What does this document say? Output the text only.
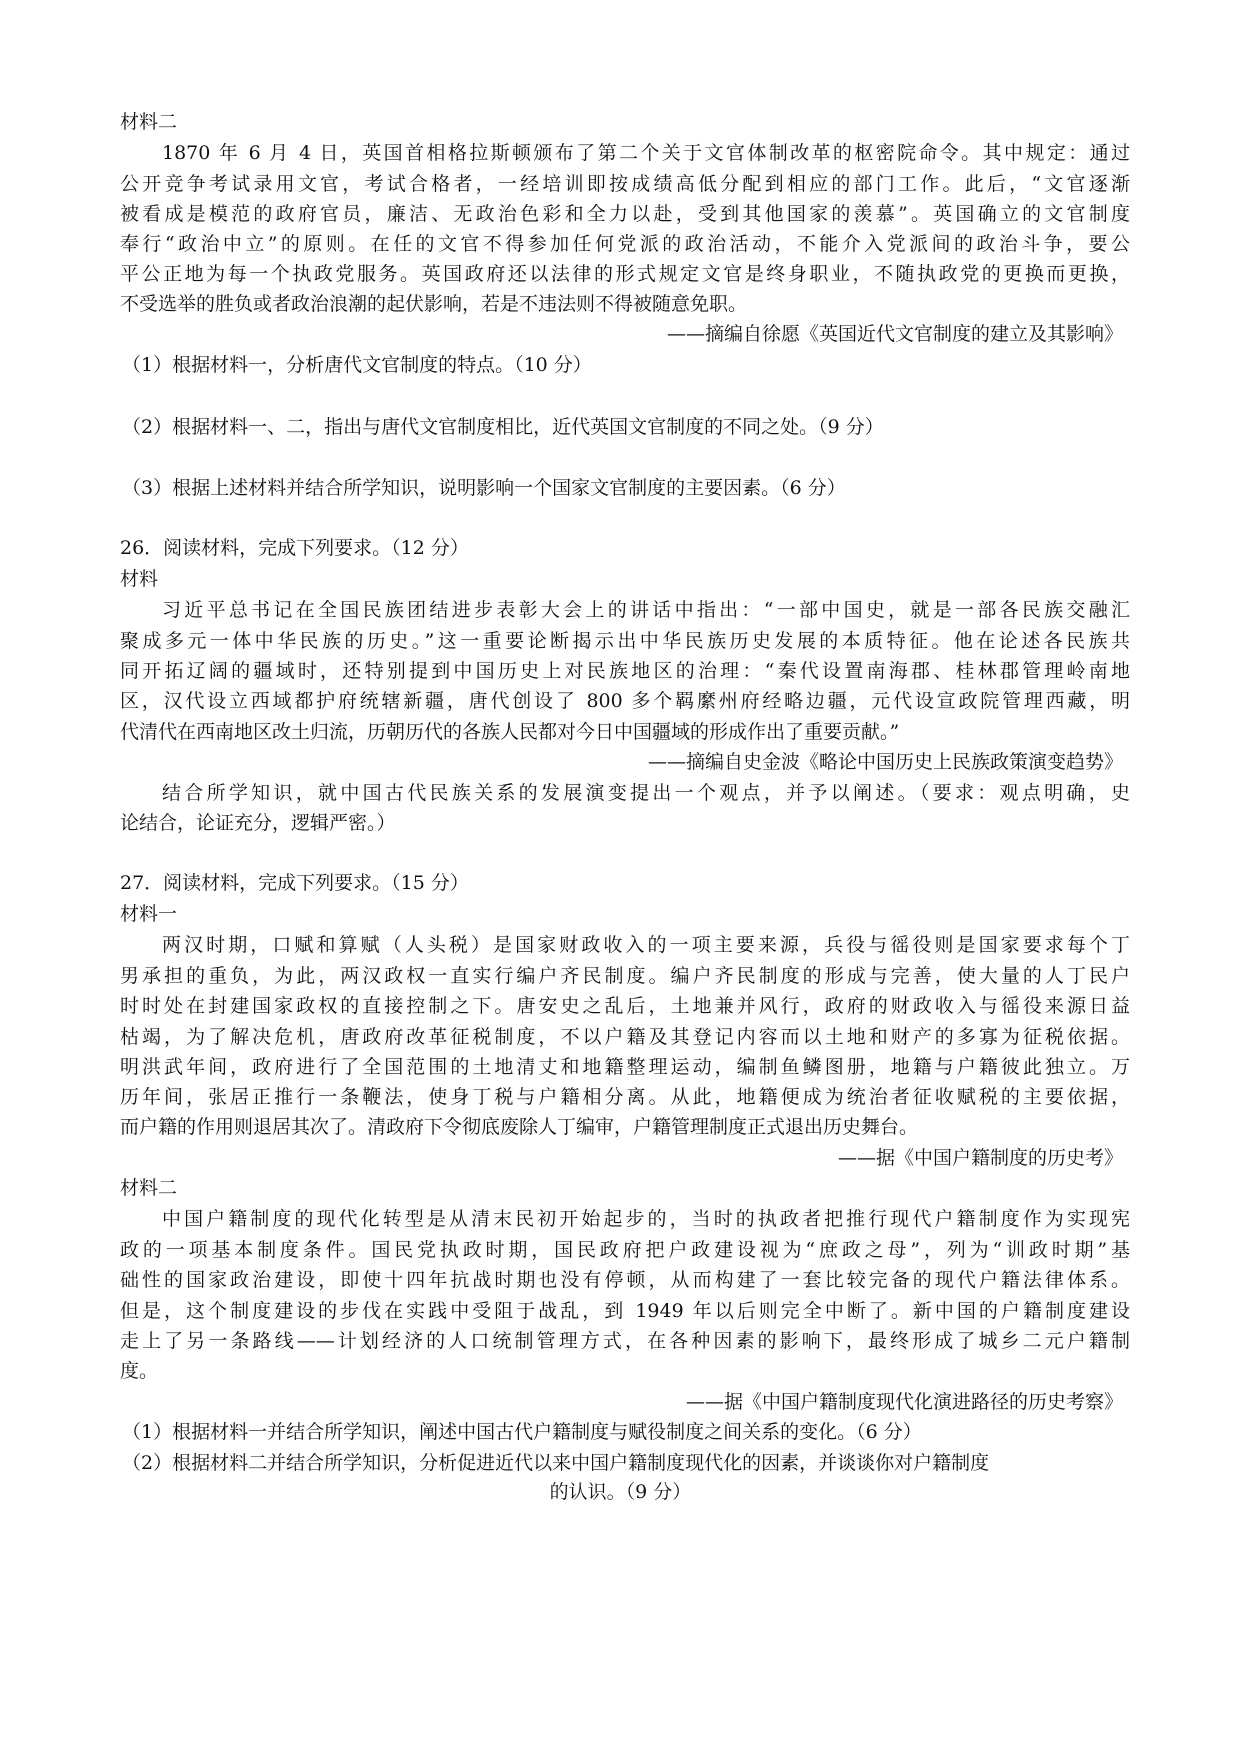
材料二
1870 年 6 月 4 日，英国首相格拉斯顿颁布了第二个关于文官体制改革的枢密院命令。其中规定：通过
公开竞争考试录用文官，考试合格者，一经培训即按成绩高低分配到相应的部门工作。此后，“文官逐渐
被看成是模范的政府官员，廉洁、无政治色彩和全力以赴，受到其他国家的羡慕”。英国确立的文官制度
奉行“政治中立”的原则。在任的文官不得参加任何党派的政治活动，不能介入党派间的政治斗争，要公
平公正地为每一个执政党服务。英国政府还以法律的形式规定文官是终身职业，不随执政党的更换而更换，
不受选举的胜负或者政治浪潮的起伏影响，若是不违法则不得被随意免职。
——摘编自徐愿《英国近代文官制度的建立及其影响》
（1）根据材料一，分析唐代文官制度的特点。（10 分）
（2）根据材料一、二，指出与唐代文官制度相比，近代英国文官制度的不同之处。（9 分）
（3）根据上述材料并结合所学知识，说明影响一个国家文官制度的主要因素。（6 分）
26．阅读材料，完成下列要求。（12 分）
材料
习近平总书记在全国民族团结进步表彰大会上的讲话中指出：“一部中国史，就是一部各民族交融汇
聚成多元一体中华民族的历史。”这一重要论断揭示出中华民族历史发展的本质特征。他在论述各民族共
同开拓辽阔的疆域时，还特别提到中国历史上对民族地区的治理：“秦代设置南海郡、桂林郡管理岭南地
区，汉代设立西域都护府统辖新疆，唐代创设了 800 多个羁縻州府经略边疆，元代设宣政院管理西藏，明
代清代在西南地区改土归流，历朝历代的各族人民都对今日中国疆域的形成作出了重要贡献。”
——摘编自史金波《略论中国历史上民族政策演变趋势》
结合所学知识，就中国古代民族关系的发展演变提出一个观点，并予以阐述。（要求：观点明确，史
论结合，论证充分，逻辑严密。）
27．阅读材料，完成下列要求。（15 分）
材料一
两汉时期，口赋和算赋（人头税）是国家财政收入的一项主要来源，兵役与徭役则是国家要求每个丁
男承担的重负，为此，两汉政权一直实行编户齐民制度。编户齐民制度的形成与完善，使大量的人丁民户
时时处在封建国家政权的直接控制之下。唐安史之乱后，土地兼并风行，政府的财政收入与徭役来源日益
枯竭，为了解决危机，唐政府改革征税制度，不以户籍及其登记内容而以土地和财产的多寡为征税依据。
明洪武年间，政府进行了全国范围的土地清丈和地籍整理运动，编制鱼鳞图册，地籍与户籍彼此独立。万
历年间，张居正推行一条鞭法，使身丁税与户籍相分离。从此，地籍便成为统治者征收赋税的主要依据，
而户籍的作用则退居其次了。清政府下令彻底废除人丁编审，户籍管理制度正式退出历史舞台。
——据《中国户籍制度的历史考》
材料二
中国户籍制度的现代化转型是从清末民初开始起步的，当时的执政者把推行现代户籍制度作为实现宪
政的一项基本制度条件。国民党执政时期，国民政府把户政建设视为“庶政之母”，列为“训政时期”基
础性的国家政治建设，即使十四年抗战时期也没有停顿，从而构建了一套比较完备的现代户籍法律体系。
但是，这个制度建设的步伐在实践中受阻于战乱，到 1949 年以后则完全中断了。新中国的户籍制度建设
走上了另一条路线——计划经济的人口统制管理方式，在各种因素的影响下，最终形成了城乡二元户籍制
度。
——据《中国户籍制度现代化演进路径的历史考察》
（1）根据材料一并结合所学知识，阐述中国古代户籍制度与赋役制度之间关系的变化。（6 分）
（2）根据材料二并结合所学知识，分析促进近代以来中国户籍制度现代化的因素，并谈谈你对户籍制度
的认识。（9 分）
